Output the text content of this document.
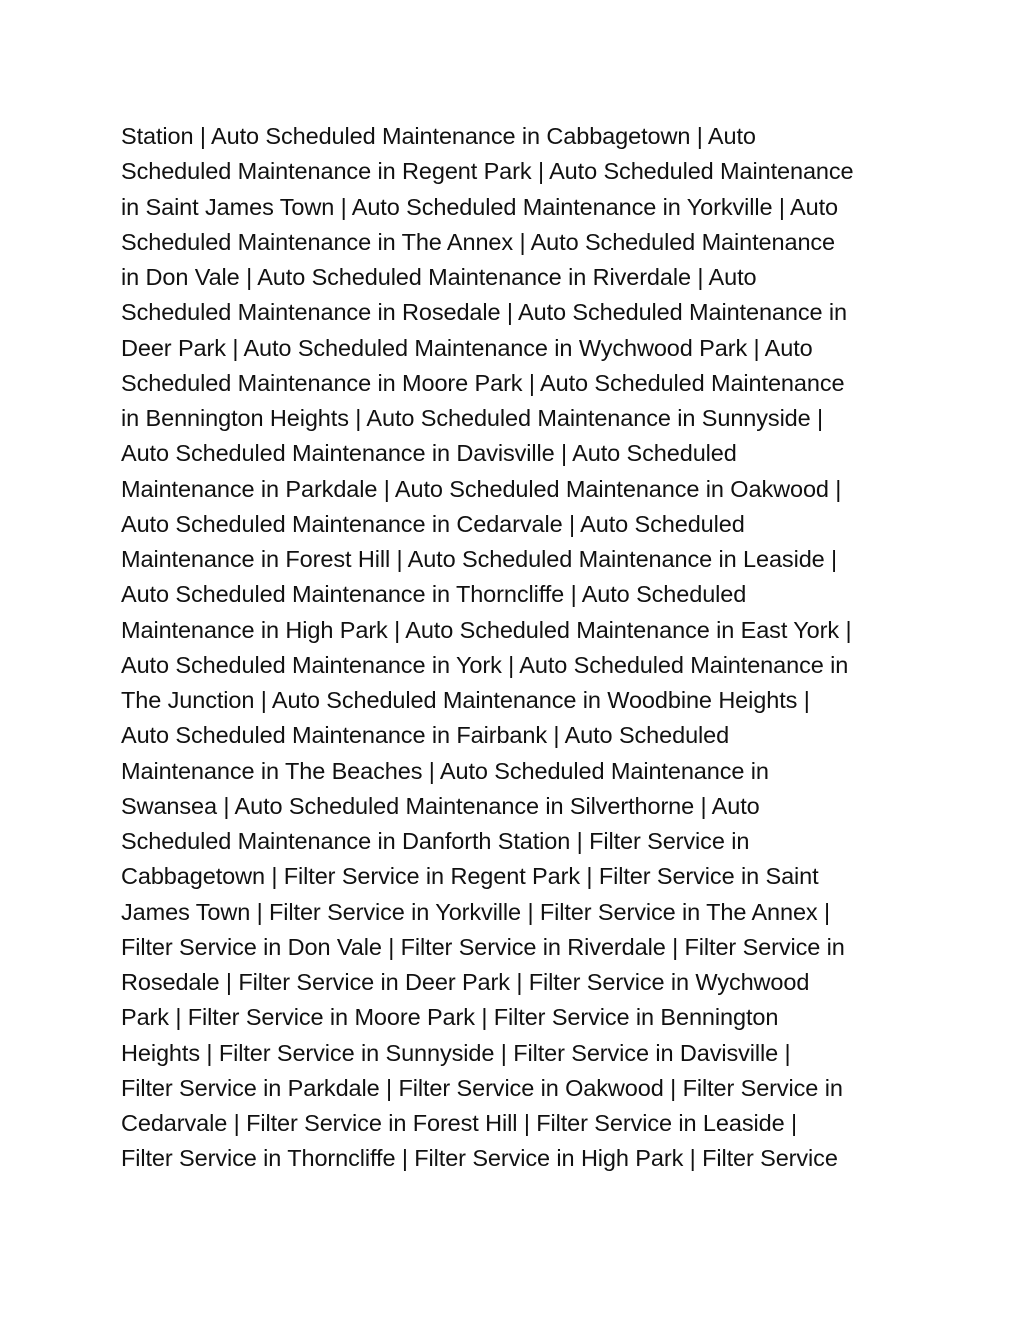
Station | Auto Scheduled Maintenance in Cabbagetown | Auto
Scheduled Maintenance in Regent Park | Auto Scheduled Maintenance
in Saint James Town | Auto Scheduled Maintenance in Yorkville | Auto
Scheduled Maintenance in The Annex | Auto Scheduled Maintenance
in Don Vale | Auto Scheduled Maintenance in Riverdale | Auto
Scheduled Maintenance in Rosedale | Auto Scheduled Maintenance in
Deer Park | Auto Scheduled Maintenance in Wychwood Park | Auto
Scheduled Maintenance in Moore Park | Auto Scheduled Maintenance
in Bennington Heights | Auto Scheduled Maintenance in Sunnyside |
Auto Scheduled Maintenance in Davisville | Auto Scheduled
Maintenance in Parkdale | Auto Scheduled Maintenance in Oakwood |
Auto Scheduled Maintenance in Cedarvale | Auto Scheduled
Maintenance in Forest Hill | Auto Scheduled Maintenance in Leaside |
Auto Scheduled Maintenance in Thorncliffe | Auto Scheduled
Maintenance in High Park | Auto Scheduled Maintenance in East York |
Auto Scheduled Maintenance in York | Auto Scheduled Maintenance in
The Junction | Auto Scheduled Maintenance in Woodbine Heights |
Auto Scheduled Maintenance in Fairbank | Auto Scheduled
Maintenance in The Beaches | Auto Scheduled Maintenance in
Swansea | Auto Scheduled Maintenance in Silverthorne | Auto
Scheduled Maintenance in Danforth Station | Filter Service in
Cabbagetown | Filter Service in Regent Park | Filter Service in Saint
James Town | Filter Service in Yorkville | Filter Service in The Annex |
Filter Service in Don Vale | Filter Service in Riverdale | Filter Service in
Rosedale | Filter Service in Deer Park | Filter Service in Wychwood
Park | Filter Service in Moore Park | Filter Service in Bennington
Heights | Filter Service in Sunnyside | Filter Service in Davisville |
Filter Service in Parkdale | Filter Service in Oakwood | Filter Service in
Cedarvale | Filter Service in Forest Hill | Filter Service in Leaside |
Filter Service in Thorncliffe | Filter Service in High Park | Filter Service
